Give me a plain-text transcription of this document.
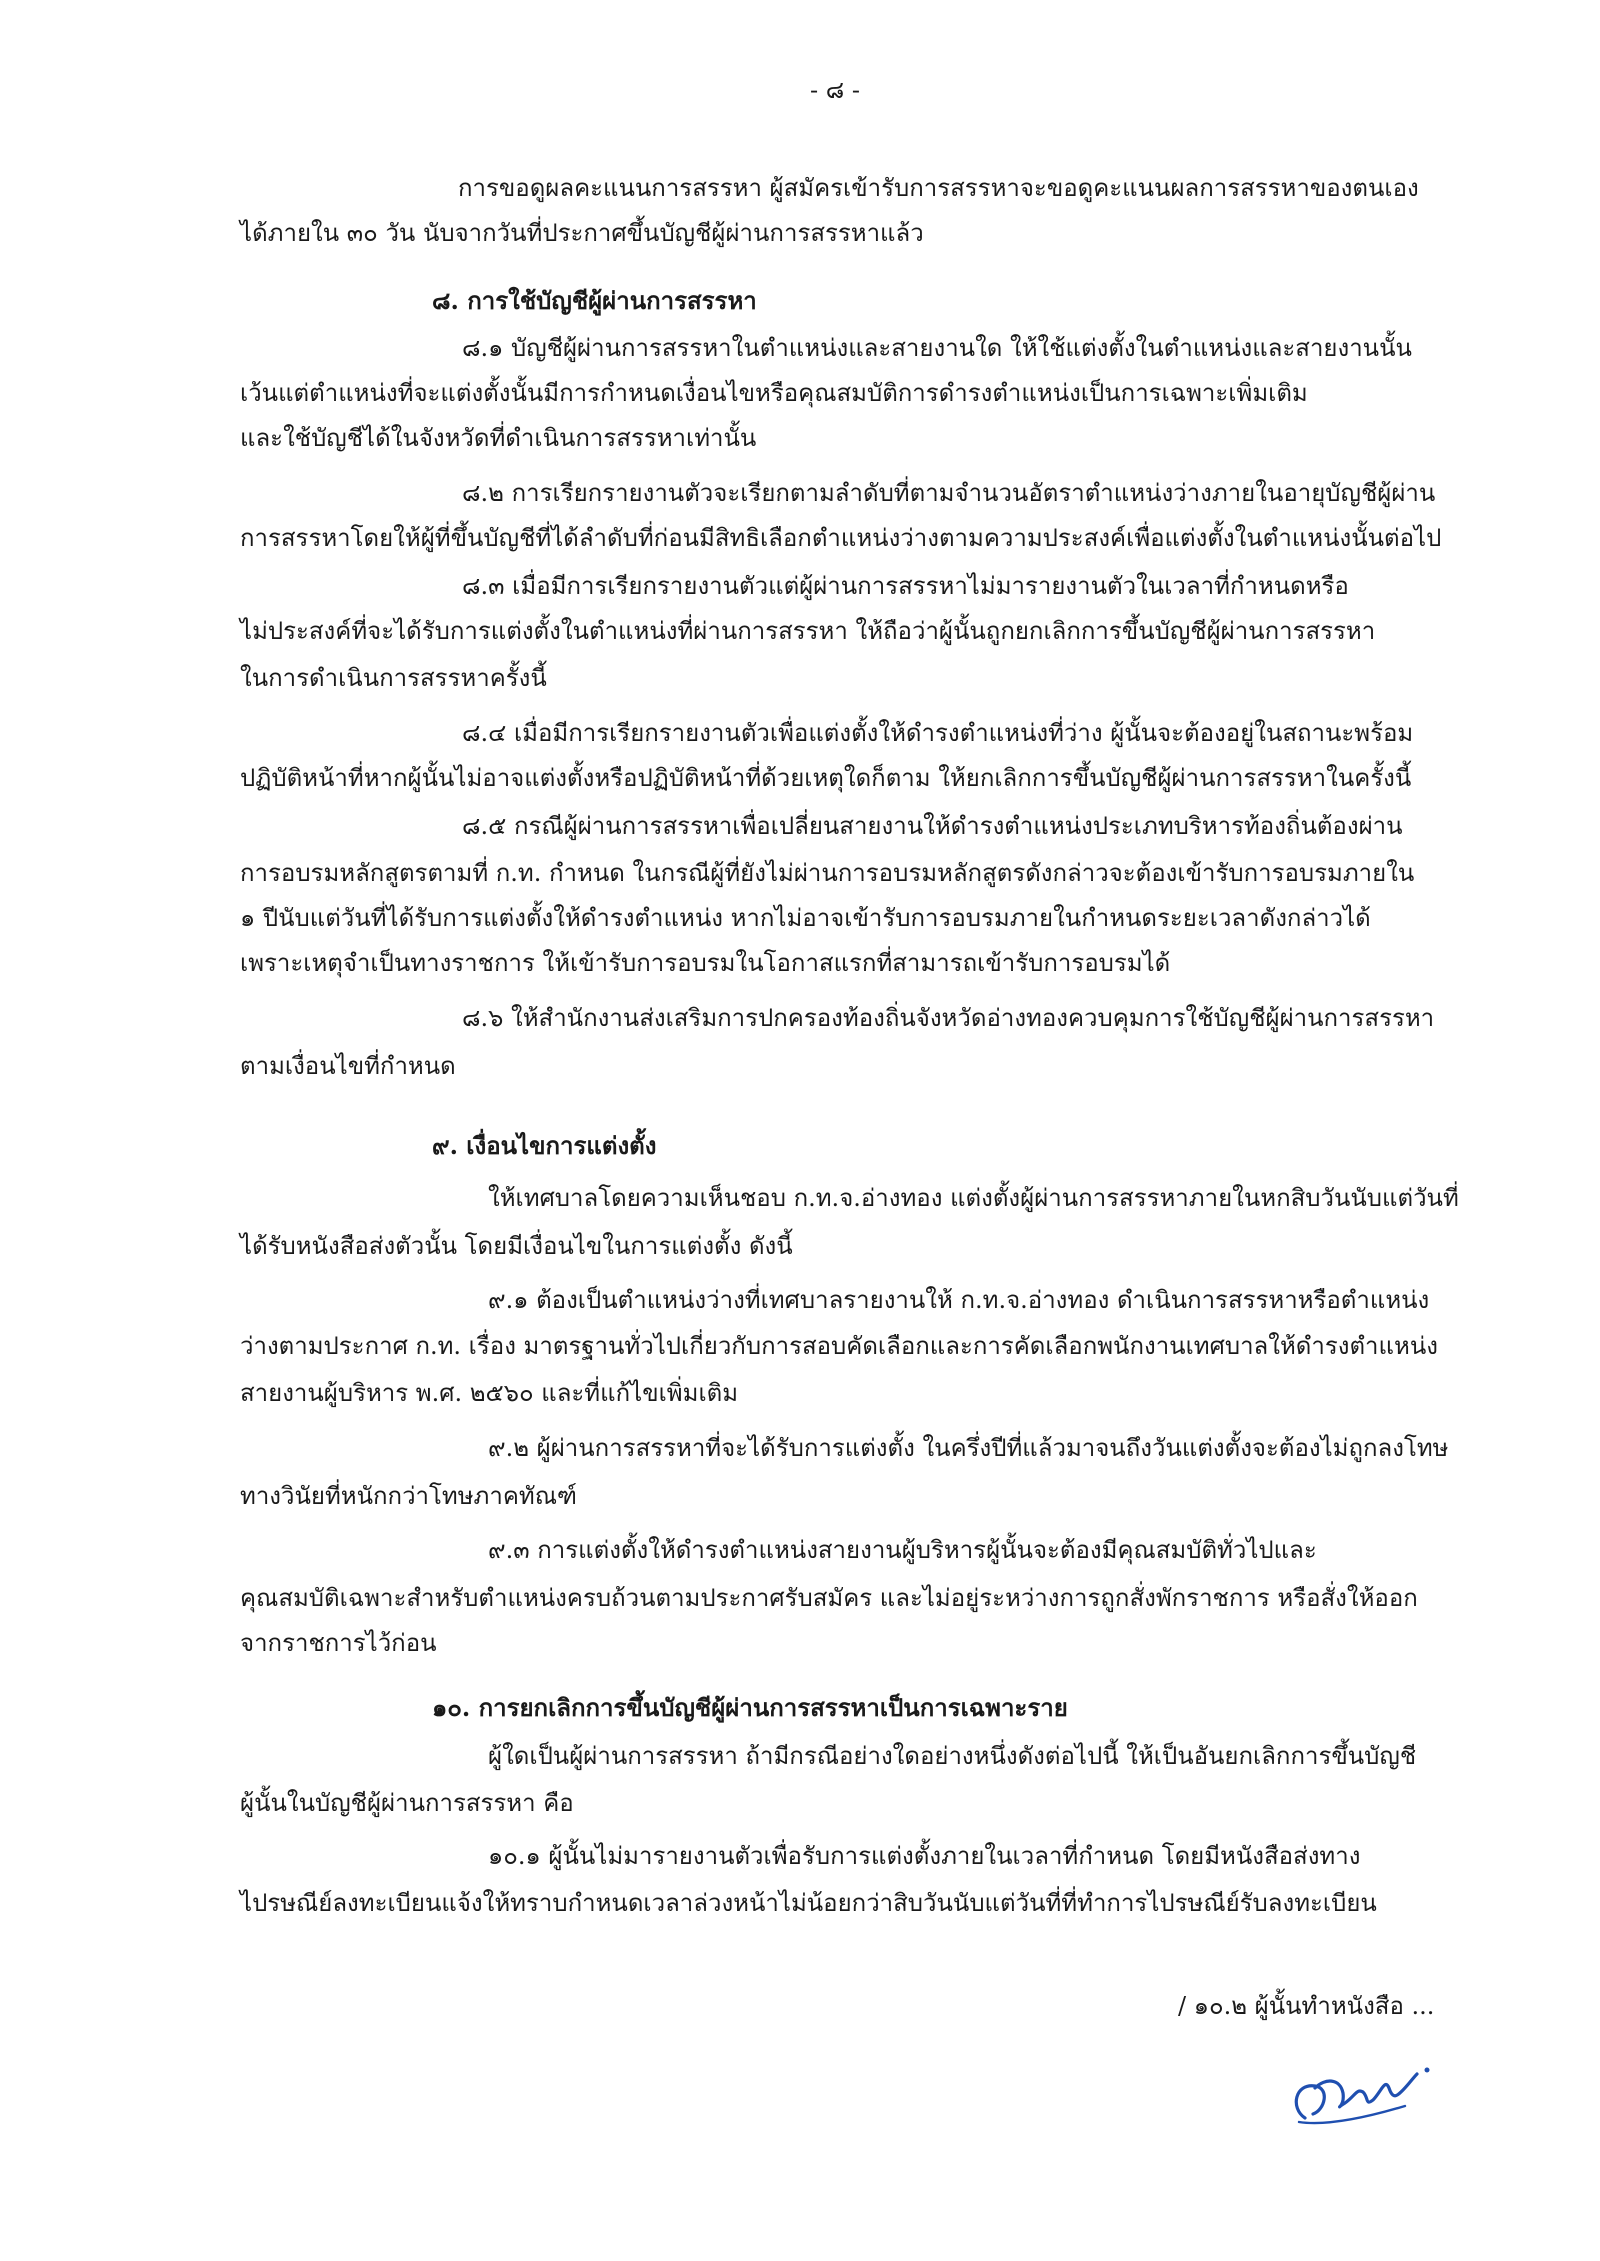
- ๘ -
การขอดูผลคะแนนการสรรหา ผู้สมัครเข้ารับการสรรหาจะขอดูคะแนนผลการสรรหาของตนเอง
ได้ภายใน ๓๐ วัน นับจากวันที่ประกาศขึ้นบัญชีผู้ผ่านการสรรหาแล้ว
๘. การใช้บัญชีผู้ผ่านการสรรหา
๘.๑ บัญชีผู้ผ่านการสรรหาในตำแหน่งและสายงานใด ให้ใช้แต่งตั้งในตำแหน่งและสายงานนั้น
เว้นแต่ตำแหน่งที่จะแต่งตั้งนั้นมีการกำหนดเงื่อนไขหรือคุณสมบัติการดำรงตำแหน่งเป็นการเฉพาะเพิ่มเติม
และใช้บัญชีได้ในจังหวัดที่ดำเนินการสรรหาเท่านั้น
๘.๒ การเรียกรายงานตัวจะเรียกตามลำดับที่ตามจำนวนอัตราตำแหน่งว่างภายในอายุบัญชีผู้ผ่าน
การสรรหาโดยให้ผู้ที่ขึ้นบัญชีที่ได้ลำดับที่ก่อนมีสิทธิเลือกตำแหน่งว่างตามความประสงค์เพื่อแต่งตั้งในตำแหน่งนั้นต่อไป
๘.๓ เมื่อมีการเรียกรายงานตัวแต่ผู้ผ่านการสรรหาไม่มารายงานตัวในเวลาที่กำหนดหรือ
ไม่ประสงค์ที่จะได้รับการแต่งตั้งในตำแหน่งที่ผ่านการสรรหา ให้ถือว่าผู้นั้นถูกยกเลิกการขึ้นบัญชีผู้ผ่านการสรรหา
ในการดำเนินการสรรหาครั้งนี้
๘.๔ เมื่อมีการเรียกรายงานตัวเพื่อแต่งตั้งให้ดำรงตำแหน่งที่ว่าง ผู้นั้นจะต้องอยู่ในสถานะพร้อม
ปฏิบัติหน้าที่หากผู้นั้นไม่อาจแต่งตั้งหรือปฏิบัติหน้าที่ด้วยเหตุใดก็ตาม ให้ยกเลิกการขึ้นบัญชีผู้ผ่านการสรรหาในครั้งนี้
๘.๕ กรณีผู้ผ่านการสรรหาเพื่อเปลี่ยนสายงานให้ดำรงตำแหน่งประเภทบริหารท้องถิ่นต้องผ่าน
การอบรมหลักสูตรตามที่ ก.ท. กำหนด ในกรณีผู้ที่ยังไม่ผ่านการอบรมหลักสูตรดังกล่าวจะต้องเข้ารับการอบรมภายใน
๑ ปีนับแต่วันที่ได้รับการแต่งตั้งให้ดำรงตำแหน่ง หากไม่อาจเข้ารับการอบรมภายในกำหนดระยะเวลาดังกล่าวได้
เพราะเหตุจำเป็นทางราชการ ให้เข้ารับการอบรมในโอกาสแรกที่สามารถเข้ารับการอบรมได้
๘.๖ ให้สำนักงานส่งเสริมการปกครองท้องถิ่นจังหวัดอ่างทองควบคุมการใช้บัญชีผู้ผ่านการสรรหา
ตามเงื่อนไขที่กำหนด
๙. เงื่อนไขการแต่งตั้ง
ให้เทศบาลโดยความเห็นชอบ ก.ท.จ.อ่างทอง แต่งตั้งผู้ผ่านการสรรหาภายในหกสิบวันนับแต่วันที่
ได้รับหนังสือส่งตัวนั้น โดยมีเงื่อนไขในการแต่งตั้ง ดังนี้
๙.๑ ต้องเป็นตำแหน่งว่างที่เทศบาลรายงานให้ ก.ท.จ.อ่างทอง ดำเนินการสรรหาหรือตำแหน่ง
ว่างตามประกาศ ก.ท. เรื่อง มาตรฐานทั่วไปเกี่ยวกับการสอบคัดเลือกและการคัดเลือกพนักงานเทศบาลให้ดำรงตำแหน่ง
สายงานผู้บริหาร พ.ศ. ๒๕๖๐ และที่แก้ไขเพิ่มเติม
๙.๒ ผู้ผ่านการสรรหาที่จะได้รับการแต่งตั้ง ในครึ่งปีที่แล้วมาจนถึงวันแต่งตั้งจะต้องไม่ถูกลงโทษ
ทางวินัยที่หนักกว่าโทษภาคทัณฑ์
๙.๓ การแต่งตั้งให้ดำรงตำแหน่งสายงานผู้บริหารผู้นั้นจะต้องมีคุณสมบัติทั่วไปและ
คุณสมบัติเฉพาะสำหรับตำแหน่งครบถ้วนตามประกาศรับสมัคร และไม่อยู่ระหว่างการถูกสั่งพักราชการ หรือสั่งให้ออก
จากราชการไว้ก่อน
๑๐. การยกเลิกการขึ้นบัญชีผู้ผ่านการสรรหาเป็นการเฉพาะราย
ผู้ใดเป็นผู้ผ่านการสรรหา ถ้ามีกรณีอย่างใดอย่างหนึ่งดังต่อไปนี้ ให้เป็นอันยกเลิกการขึ้นบัญชี
ผู้นั้นในบัญชีผู้ผ่านการสรรหา คือ
๑๐.๑ ผู้นั้นไม่มารายงานตัวเพื่อรับการแต่งตั้งภายในเวลาที่กำหนด โดยมีหนังสือส่งทาง
ไปรษณีย์ลงทะเบียนแจ้งให้ทราบกำหนดเวลาล่วงหน้าไม่น้อยกว่าสิบวันนับแต่วันที่ที่ทำการไปรษณีย์รับลงทะเบียน
/ ๑๐.๒ ผู้นั้นทำหนังสือ ...
